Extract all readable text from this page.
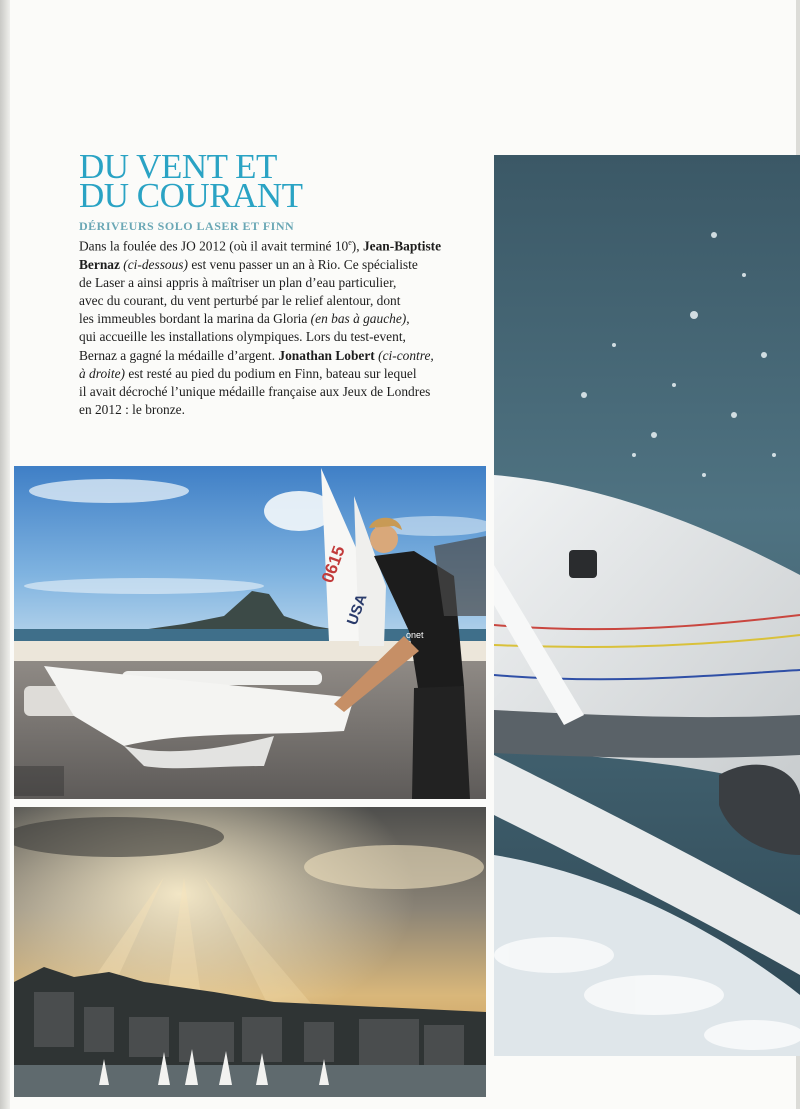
DU VENT ET
DU COURANT
DÉRIVEURS SOLO LASER ET FINN
Dans la foulée des JO 2012 (où il avait terminé 10e), Jean-Baptiste
Bernaz (ci-dessous) est venu passer un an à Rio. Ce spécialiste
de Laser a ainsi appris à maîtriser un plan d’eau particulier,
avec du courant, du vent perturbé par le relief alentour, dont
les immeubles bordant la marina da Gloria (en bas à gauche),
qui accueille les installations olympiques. Lors du test-event,
Bernaz a gagné la médaille d’argent. Jonathan Lobert (ci-contre,
à droite) est resté au pied du podium en Finn, bateau sur lequel
il avait décroché l’unique médaille française aux Jeux de Londres
en 2012 : le bronze.
0615
USA
onet
